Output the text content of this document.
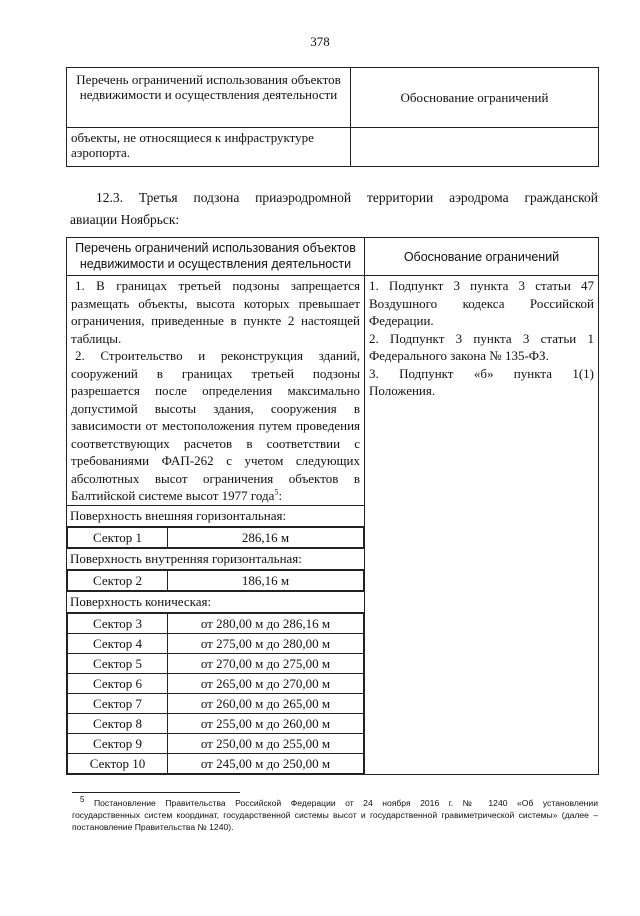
378
Перечень ограничений использования объектов недвижимости и осуществления деятельности	Обоснование ограничений
объекты, не относящиеся к инфраструктуре аэропорта.	
12.3. Третья подзона приаэродромной территории аэродрома гражданской
авиации Ноябрьск:
Перечень ограничений использования объектов недвижимости и осуществления деятельности	Обоснование ограничений

1. В границах третьей подзоны запрещается размещать объекты, высота которых превышает ограничения, приведенные в пункте 2 настоящей таблицы.

2. Строительство и реконструкция зданий, сооружений в границах третьей подзоны разрешается после определения максимально допустимой высоты здания, сооружения в зависимости от местоположения путем проведения соответствующих расчетов в соответствии с требованиями ФАП-262 с учетом следующих абсолютных высот ограничения объектов в Балтийской системе высот 1977 года$^5$:

1. Подпункт 3 пункта 3 статьи 47 Воздушного кодекса Российской Федерации.

2. Подпункт 3 пункта 3 статьи 1 Федерального закона № 135-ФЗ.

3. Подпункт «б» пункта 1(1) Положения.

Поверхность внешняя горизонтальная:

Сектор 1	286,16 м

Поверхность внутренняя горизонтальная:

Сектор 2	186,16 м

Поверхность коническая:

Сектор 3	от 280,00 м до 286,16 м
Сектор 4	от 275,00 м до 280,00 м
Сектор 5	от 270,00 м до 275,00 м
Сектор 6	от 265,00 м до 270,00 м
Сектор 7	от 260,00 м до 265,00 м
Сектор 8	от 255,00 м до 260,00 м
Сектор 9	от 250,00 м до 255,00 м
Сектор 10	от 245,00 м до 250,00 м
$^5$ Постановление Правительства Российской Федерации от 24 ноября 2016 г. № 1240 «Об установлении
государственных систем координат, государственной системы высот и государственной гравиметрической системы» (далее – постановление Правительства № 1240).
